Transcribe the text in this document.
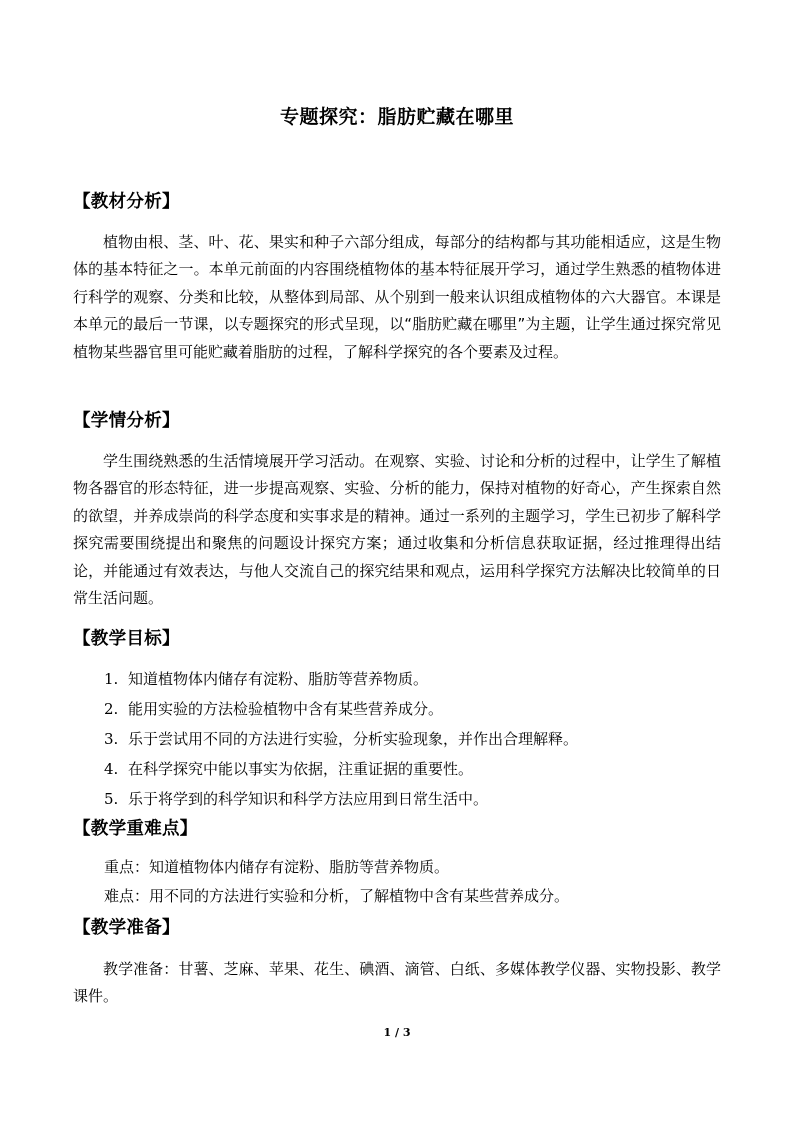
专题探究：脂肪贮藏在哪里
【教材分析】

植物由根、茎、叶、花、果实和种子六部分组成，每部分的结构都与其功能相适应，这是生物体的基本特征之一。本单元前面的内容围绕植物体的基本特征展开学习，通过学生熟悉的植物体进行科学的观察、分类和比较，从整体到局部、从个别到一般来认识组成植物体的六大器官。本课是本单元的最后一节课，以专题探究的形式呈现，以“脂肪贮藏在哪里”为主题，让学生通过探究常见植物某些器官里可能贮藏着脂肪的过程，了解科学探究的各个要素及过程。

【学情分析】

学生围绕熟悉的生活情境展开学习活动。在观察、实验、讨论和分析的过程中，让学生了解植物各器官的形态特征，进一步提高观察、实验、分析的能力，保持对植物的好奇心，产生探索自然的欲望，并养成崇尚的科学态度和实事求是的精神。通过一系列的主题学习，学生已初步了解科学探究需要围绕提出和聚焦的问题设计探究方案；通过收集和分析信息获取证据，经过推理得出结论，并能通过有效表达，与他人交流自己的探究结果和观点，运用科学探究方法解决比较简单的日常生活问题。

【教学目标】
1. 知道植物体内储存有淀粉、脂肪等营养物质。
2. 能用实验的方法检验植物中含有某些营养成分。
3. 乐于尝试用不同的方法进行实验，分析实验现象，并作出合理解释。
4. 在科学探究中能以事实为依据，注重证据的重要性。
5. 乐于将学到的科学知识和科学方法应用到日常生活中。
【教学重难点】
重点：知道植物体内储存有淀粉、脂肪等营养物质。
难点：用不同的方法进行实验和分析，了解植物中含有某些营养成分。
【教学准备】

教学准备：甘薯、芝麻、苹果、花生、碘酒、滴管、白纸、多媒体教学仪器、实物投影、教学课件。

1 / 3
